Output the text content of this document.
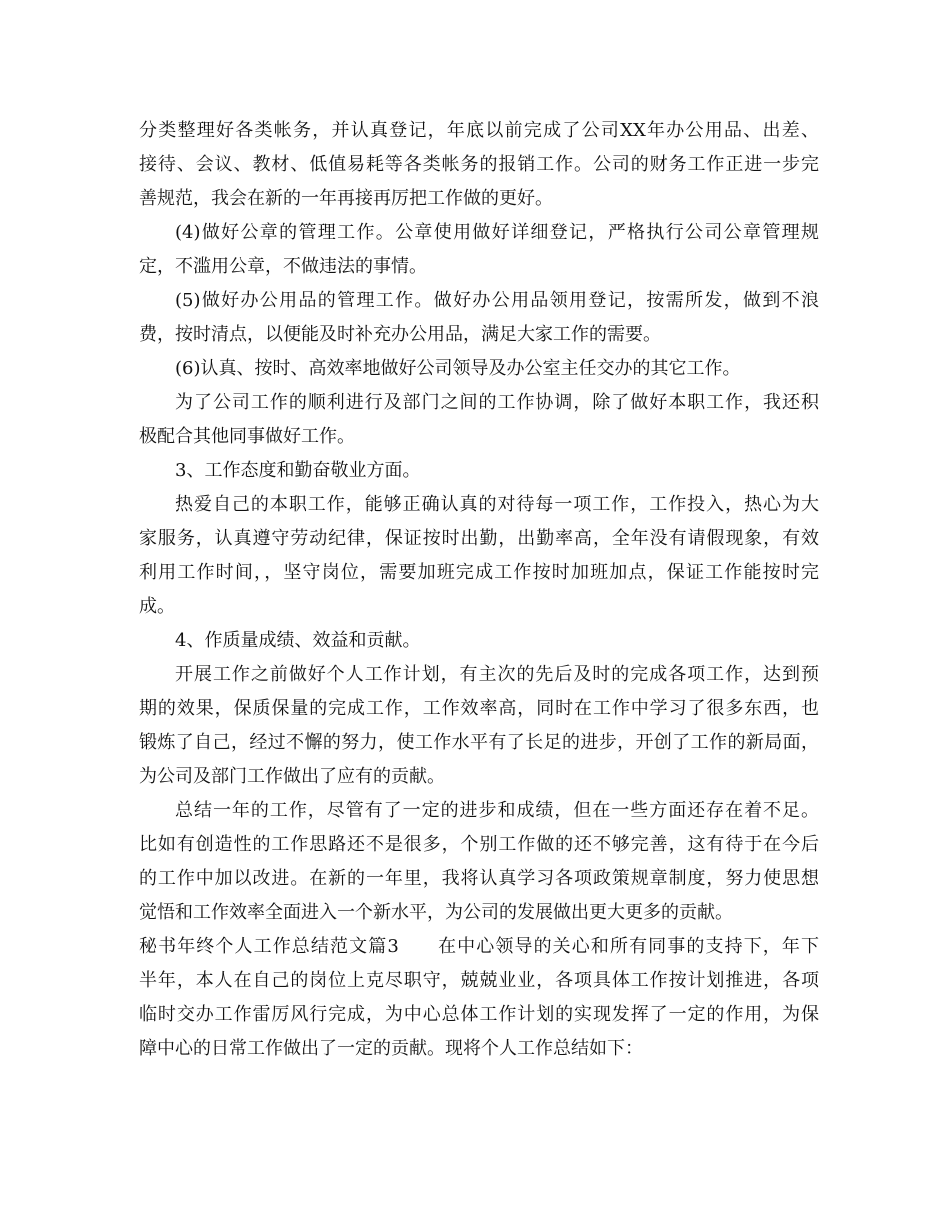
分类整理好各类帐务，并认真登记，年底以前完成了公司XX年办公用品、出差、
接待、会议、教材、低值易耗等各类帐务的报销工作。公司的财务工作正进一步完
善规范，我会在新的一年再接再厉把工作做的更好。
(4)做好公章的管理工作。公章使用做好详细登记，严格执行公司公章管理规
定，不滥用公章，不做违法的事情。
(5)做好办公用品的管理工作。做好办公用品领用登记，按需所发，做到不浪
费，按时清点，以便能及时补充办公用品，满足大家工作的需要。
(6)认真、按时、高效率地做好公司领导及办公室主任交办的其它工作。
为了公司工作的顺利进行及部门之间的工作协调，除了做好本职工作，我还积
极配合其他同事做好工作。
3、工作态度和勤奋敬业方面。
热爱自己的本职工作，能够正确认真的对待每一项工作，工作投入，热心为大
家服务，认真遵守劳动纪律，保证按时出勤，出勤率高，全年没有请假现象，有效
利用工作时间，，坚守岗位，需要加班完成工作按时加班加点，保证工作能按时完
成。
4、作质量成绩、效益和贡献。
开展工作之前做好个人工作计划，有主次的先后及时的完成各项工作，达到预
期的效果，保质保量的完成工作，工作效率高，同时在工作中学习了很多东西，也
锻炼了自己，经过不懈的努力，使工作水平有了长足的进步，开创了工作的新局面，
为公司及部门工作做出了应有的贡献。
总结一年的工作，尽管有了一定的进步和成绩，但在一些方面还存在着不足。
比如有创造性的工作思路还不是很多，个别工作做的还不够完善，这有待于在今后
的工作中加以改进。在新的一年里，我将认真学习各项政策规章制度，努力使思想
觉悟和工作效率全面进入一个新水平，为公司的发展做出更大更多的贡献。
秘书年终个人工作总结范文篇3　　在中心领导的关心和所有同事的支持下，年下
半年，本人在自己的岗位上克尽职守，兢兢业业，各项具体工作按计划推进，各项
临时交办工作雷厉风行完成，为中心总体工作计划的实现发挥了一定的作用，为保
障中心的日常工作做出了一定的贡献。现将个人工作总结如下：
